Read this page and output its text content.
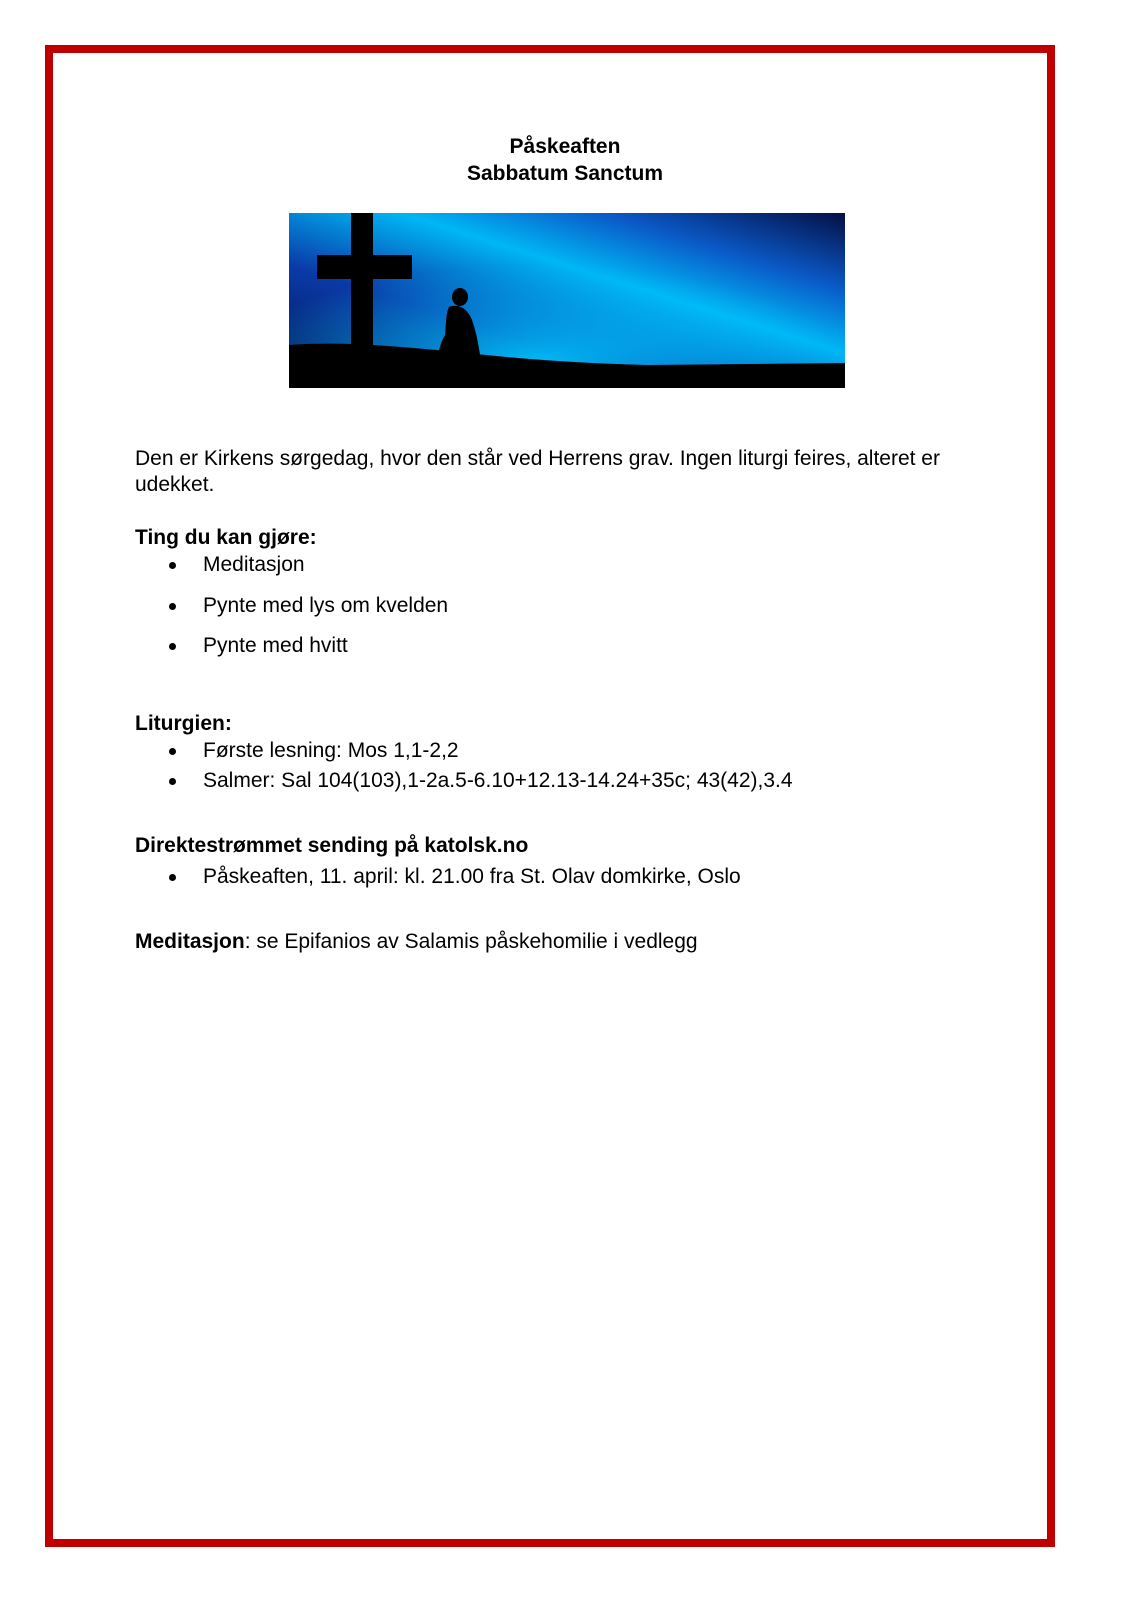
Påskeaften
Sabbatum Sanctum
Den er Kirkens sørgedag, hvor den står ved Herrens grav. Ingen liturgi feires, alteret er udekket.
Ting du kan gjøre:
Meditasjon
Pynte med lys om kvelden
Pynte med hvitt
Liturgien:
Første lesning: Mos 1,1-2,2
Salmer: Sal 104(103),1-2a.5-6.10+12.13-14.24+35c; 43(42),3.4
Direktestrømmet sending på katolsk.no
Påskeaften, 11. april: kl. 21.00 fra St. Olav domkirke, Oslo
Meditasjon: se Epifanios av Salamis påskehomilie i vedlegg
